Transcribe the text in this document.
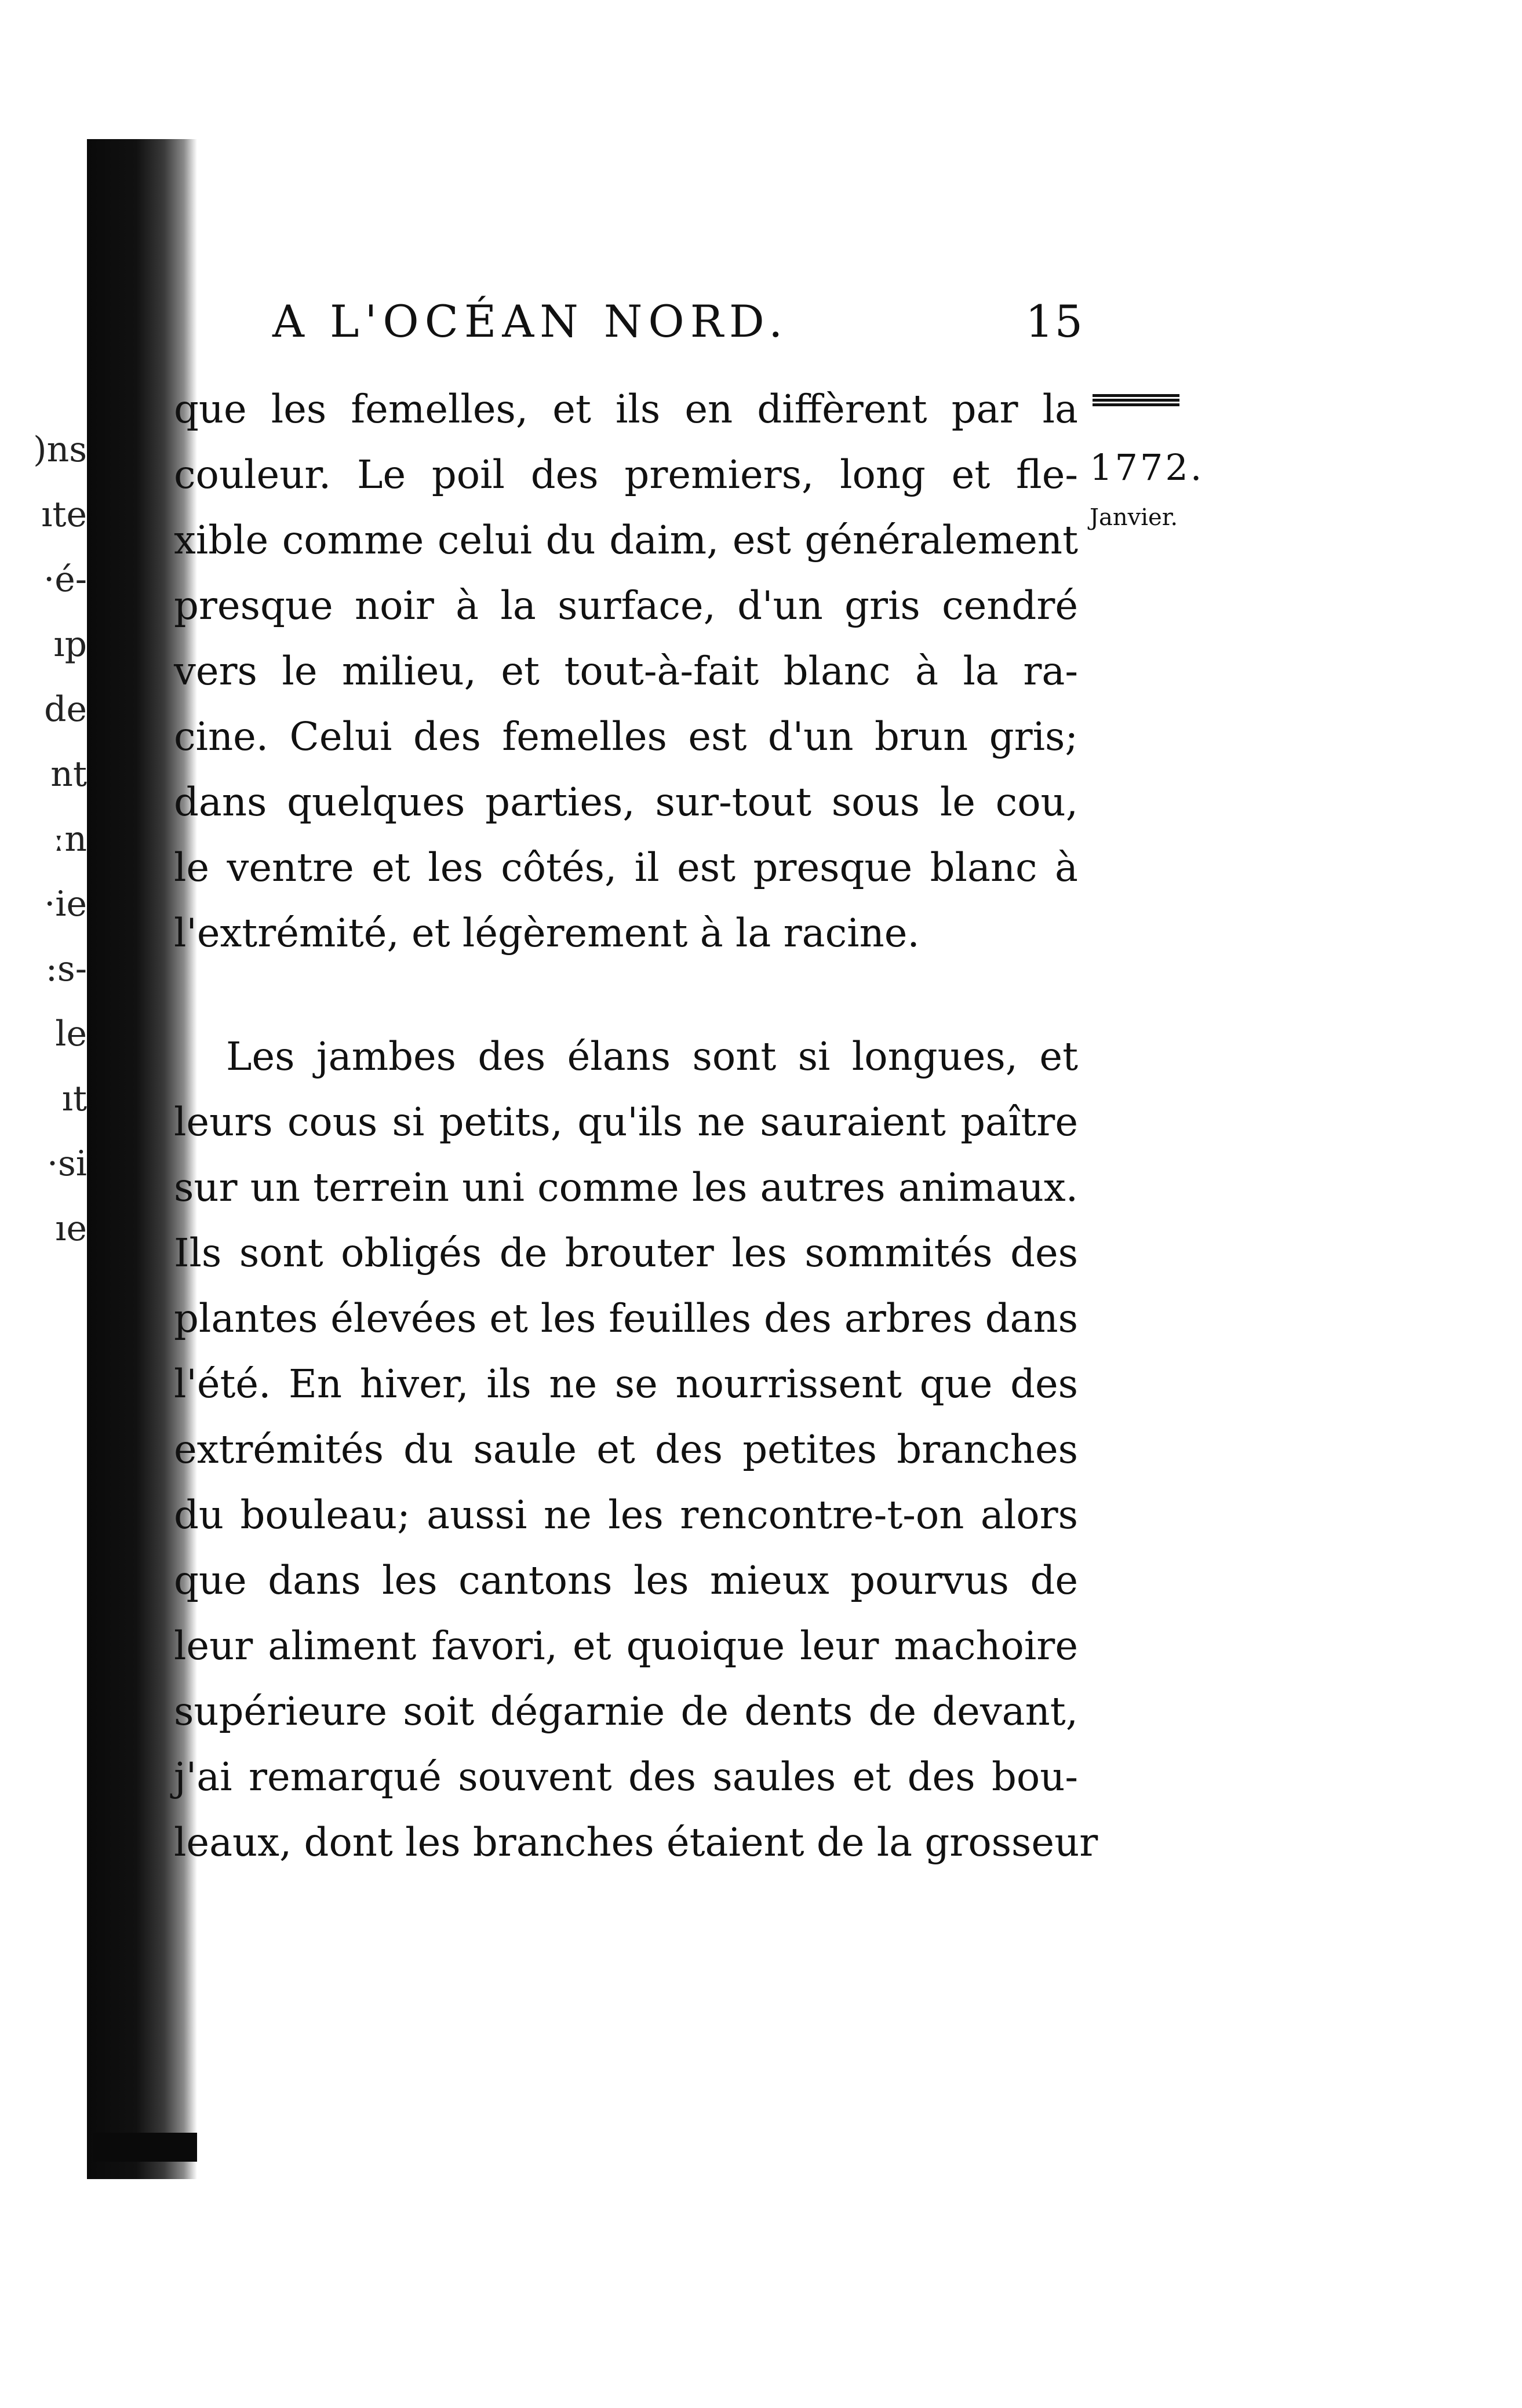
)ns
ıte
·é-
ıp
de
nt
ːn
·ie
:s-
le
ıt
·si
ıe
A L'OCÉAN NORD.	15
1772.
Janvier.
que les femelles, et ils en diffèrent par la
couleur. Le poil des premiers, long et fle-
xible comme celui du daim, est généralement
presque noir à la surface, d'un gris cendré
vers le milieu, et tout-à-fait blanc à la ra-
cine. Celui des femelles est d'un brun gris;
dans quelques parties, sur-tout sous le cou,
le ventre et les côtés, il est presque blanc à
l'extrémité, et légèrement à la racine.
Les jambes des élans sont si longues, et
leurs cous si petits, qu'ils ne sauraient paître
sur un terrein uni comme les autres animaux.
Ils sont obligés de brouter les sommités des
plantes élevées et les feuilles des arbres dans
l'été. En hiver, ils ne se nourrissent que des
extrémités du saule et des petites branches
du bouleau; aussi ne les rencontre-t-on alors
que dans les cantons les mieux pourvus de
leur aliment favori, et quoique leur machoire
supérieure soit dégarnie de dents de devant,
j'ai remarqué souvent des saules et des bou-
leaux, dont les branches étaient de la grosseur
